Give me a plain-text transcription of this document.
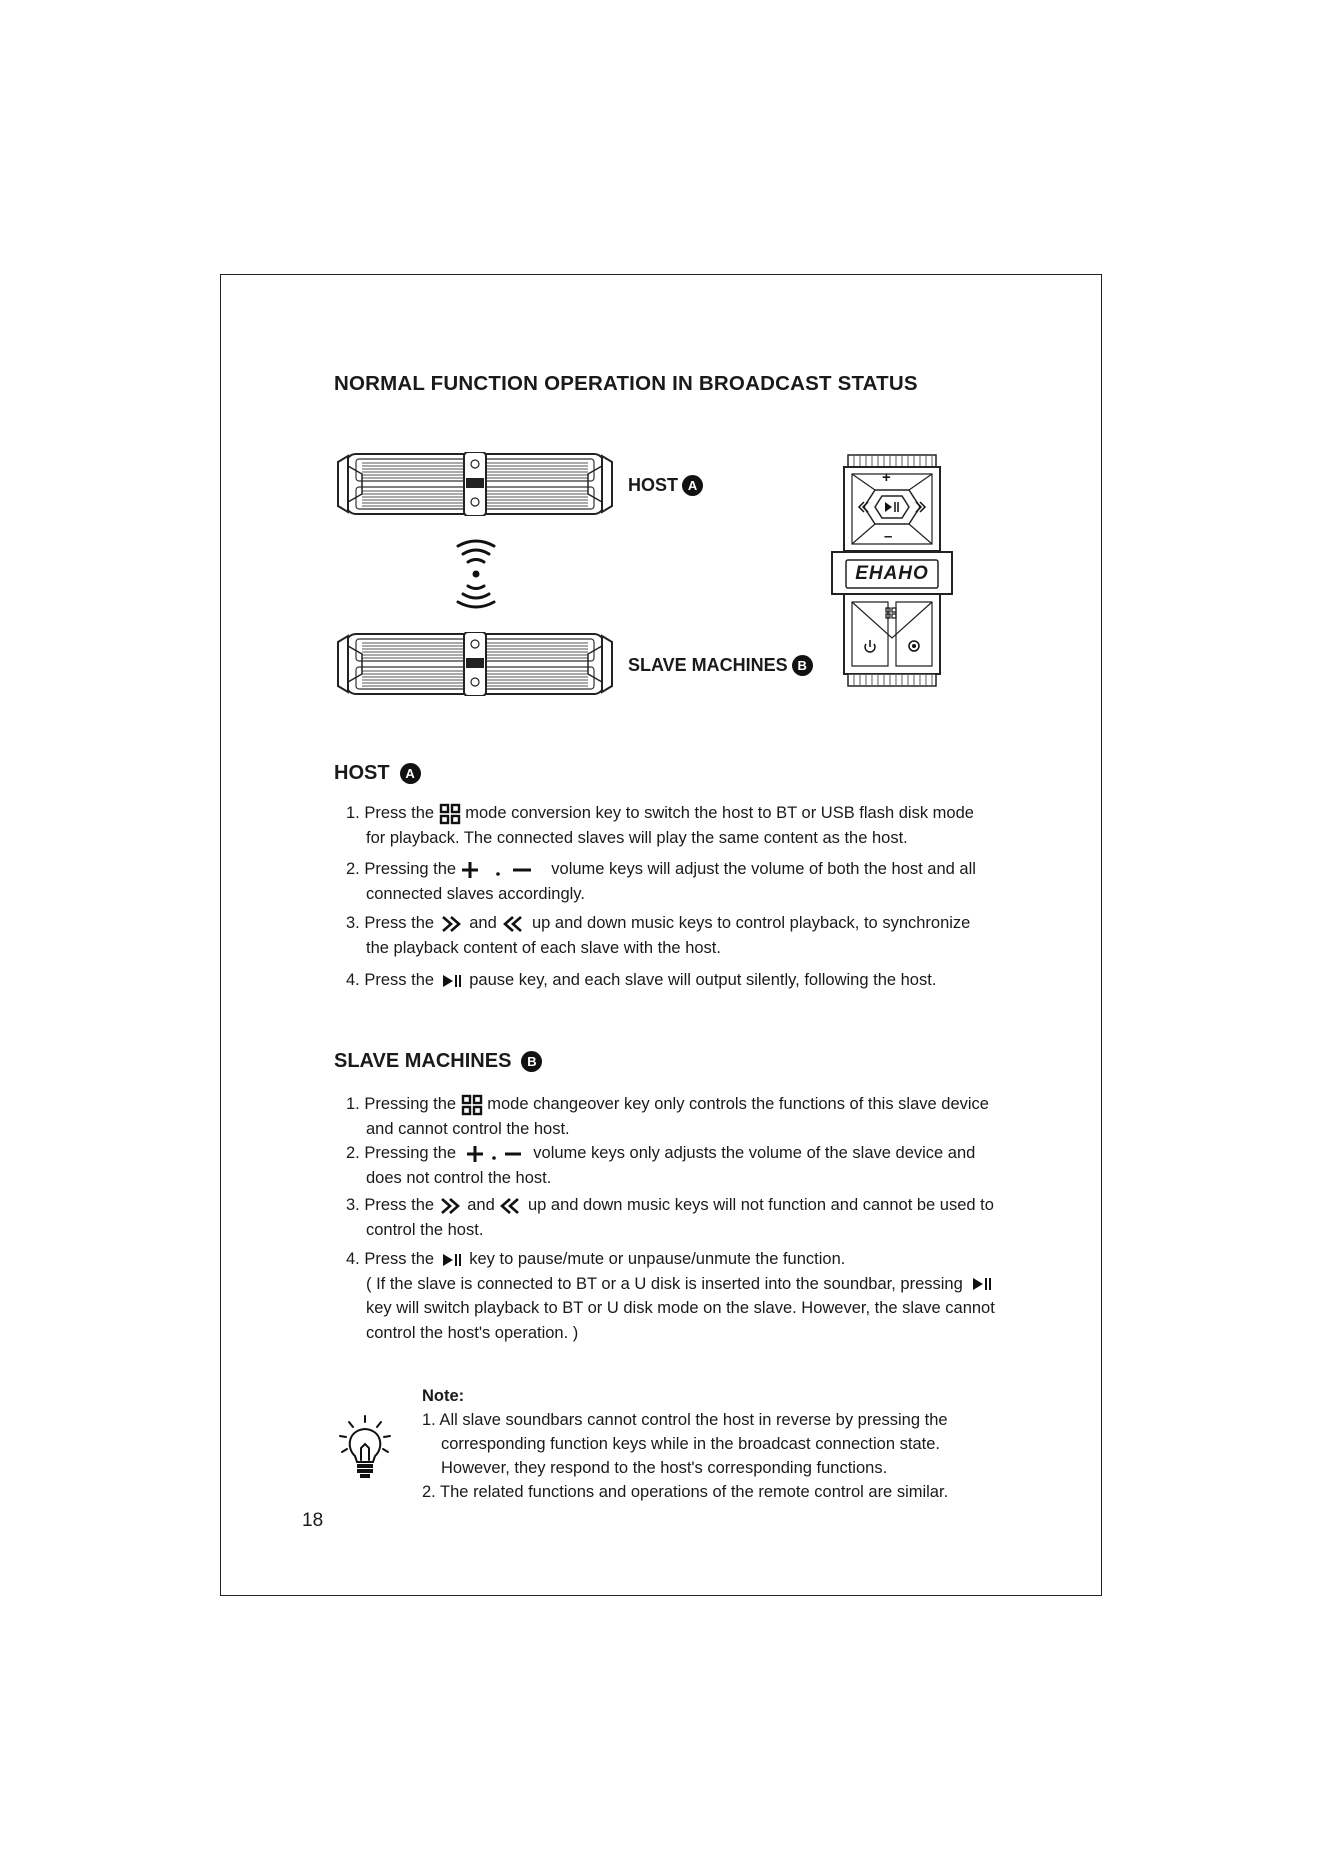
NORMAL FUNCTION OPERATION IN BROADCAST STATUS
HOST A
SLAVE MACHINES B
+
–
EHAHO
HOST	A
1. Press the mode conversion key to switch the host to BT or USB flash disk mode
for playback. The connected slaves will play the same content as the host.
2. Pressing the	volume keys will adjust the volume of both the host and all
connected slaves accordingly.
3. Press the and up and down music keys to control playback, to synchronize
the playback content of each slave with the host.
4. Press the pause key, and each slave will output silently, following the host.
SLAVE MACHINES	B
1. Pressing the mode changeover key only controls the functions of this slave device
and cannot control the host.
2. Pressing the	volume keys only adjusts the volume of the slave device and
does not control the host.
3. Press the and up and down music keys will not function and cannot be used to
control the host.
4. Press the key to pause/mute or unpause/unmute the function.
( If the slave is connected to BT or a U disk is inserted into the soundbar, pressing
key will switch playback to BT or U disk mode on the slave. However, the slave cannot
control the host's operation. )
Note:
1. All slave soundbars cannot control the host in reverse by pressing the
corresponding function keys while in the broadcast connection state.
However, they respond to the host's corresponding functions.
2. The related functions and operations of the remote control are similar.
18
